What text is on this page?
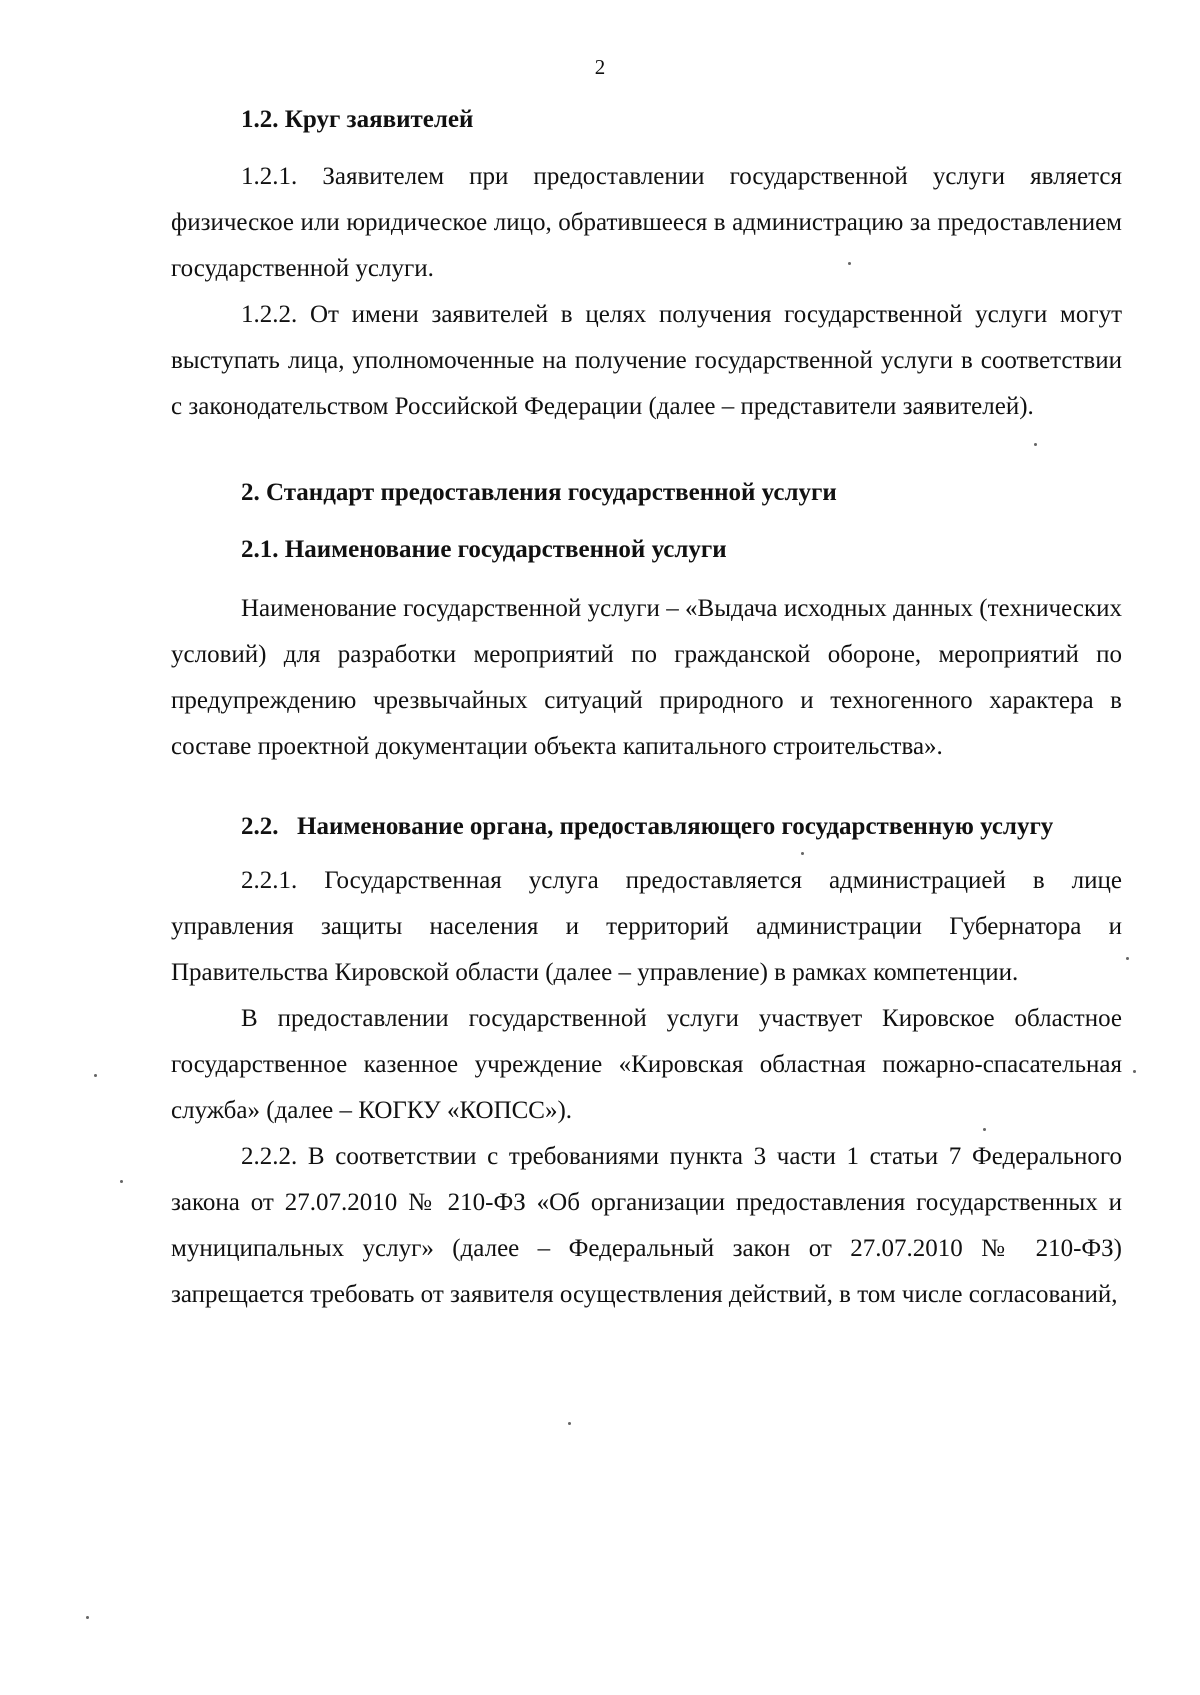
2
1.2. Круг заявителей

1.2.1. Заявителем при предоставлении государственной услуги является физическое или юридическое лицо, обратившееся в администрацию за предоставлением государственной услуги.

1.2.2. От имени заявителей в целях получения государственной услуги могут выступать лица, уполномоченные на получение государственной услуги в соответствии с законодательством Российской Федерации (далее – представители заявителей).

2. Стандарт предоставления государственной услуги
2.1. Наименование государственной услуги

Наименование государственной услуги – «Выдача исходных данных (технических условий) для разработки мероприятий по гражданской обороне, мероприятий по предупреждению чрезвычайных ситуаций природного и техногенного характера в составе проектной документации объекта капитального строительства».

2.2. Наименование органа, предоставляющего государственную услугу

2.2.1. Государственная услуга предоставляется администрацией в лице управления защиты населения и территорий администрации Губернатора и Правительства Кировской области (далее – управление) в рамках компетенции.

В предоставлении государственной услуги участвует Кировское областное государственное казенное учреждение «Кировская областная пожарно-спасательная служба» (далее – КОГКУ «КОПСС»).

2.2.2. В соответствии с требованиями пункта 3 части 1 статьи 7 Федерального закона от 27.07.2010 № 210-ФЗ «Об организации предоставления государственных и муниципальных услуг» (далее – Федеральный закон от 27.07.2010 № 210-ФЗ) запрещается требовать от заявителя осуществления действий, в том числе согласований,
